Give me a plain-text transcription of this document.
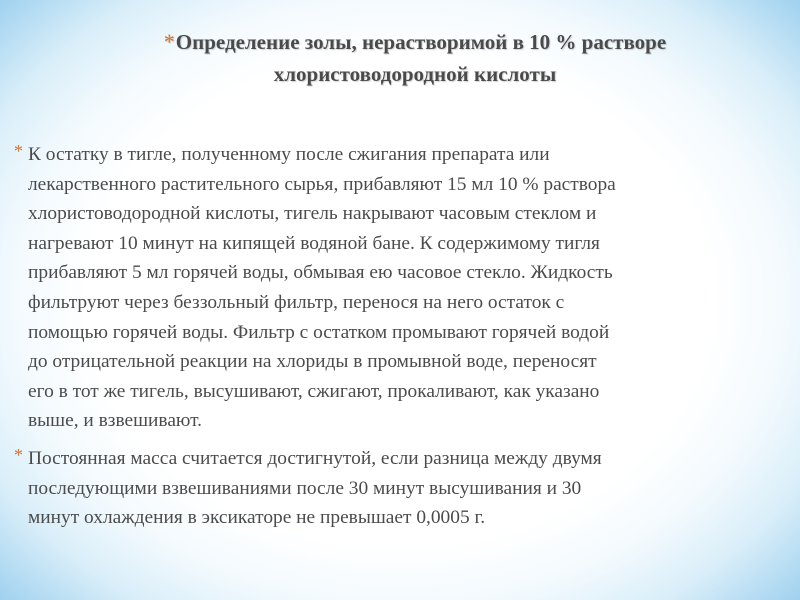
*Определение золы, нерастворимой в 10 % растворе
хлористоводородной кислоты
* К остатку в тигле, полученному после сжигания препарата или
лекарственного растительного сырья, прибавляют 15 мл 10 % раствора
хлористоводородной кислоты, тигель накрывают часовым стеклом и
нагревают 10 минут на кипящей водяной бане. К содержимому тигля
прибавляют 5 мл горячей воды, обмывая ею часовое стекло. Жидкость
фильтруют через беззольный фильтр, перенося на него остаток с
помощью горячей воды. Фильтр с остатком промывают горячей водой
до отрицательной реакции на хлориды в промывной воде, переносят
его в тот же тигель, высушивают, сжигают, прокаливают, как указано
выше, и взвешивают.
* Постоянная масса считается достигнутой, если разница между двумя
последующими взвешиваниями после 30 минут высушивания и 30
минут охлаждения в эксикаторе не превышает 0,0005 г.
